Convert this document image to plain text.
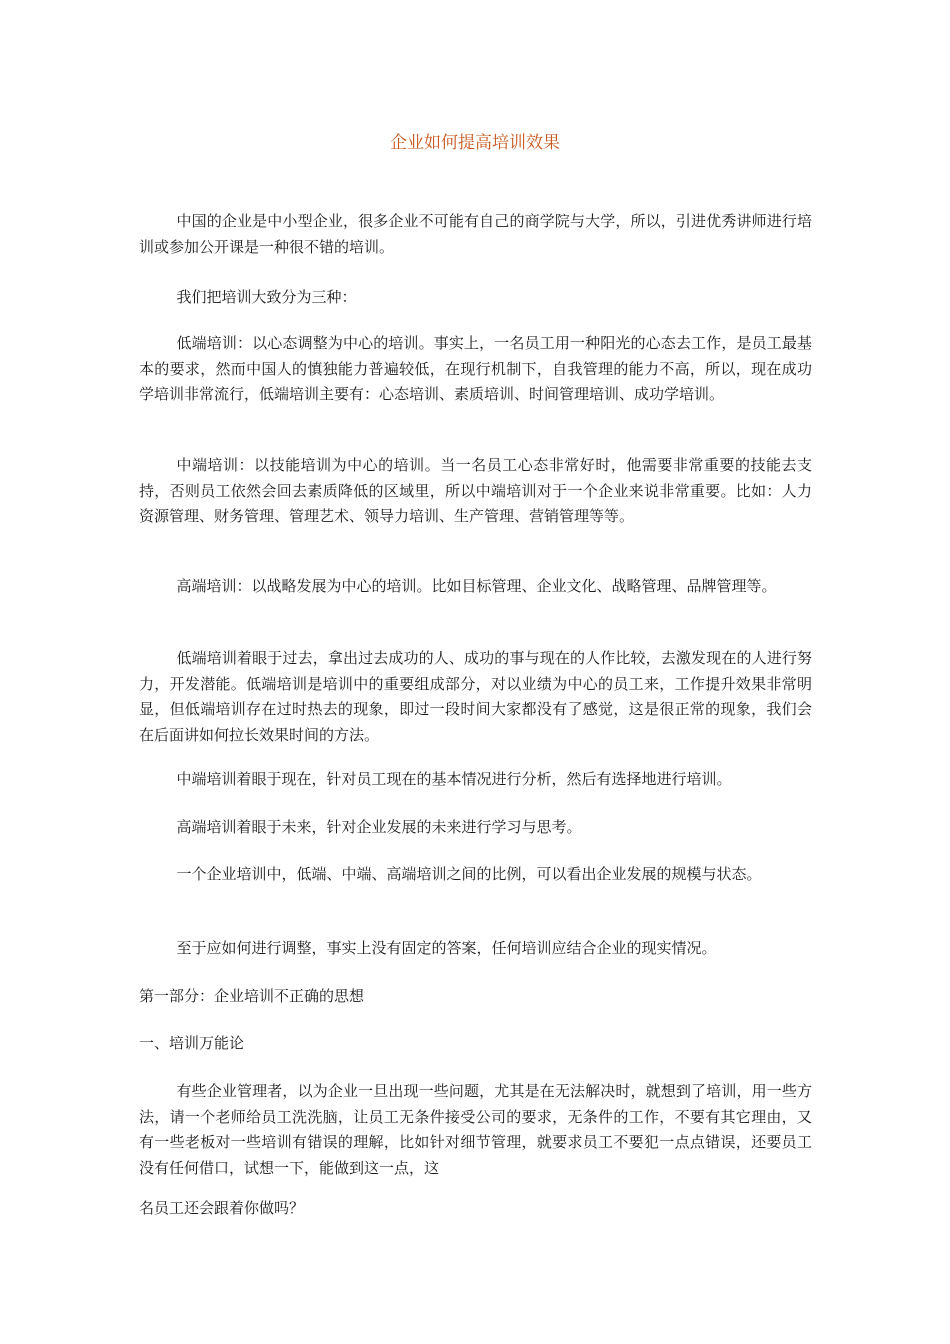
企业如何提高培训效果

中国的企业是中小型企业，很多企业不可能有自己的商学院与大学，所以，引进优秀讲师进行培训或参加公开课是一种很不错的培训。

我们把培训大致分为三种：

低端培训：以心态调整为中心的培训。事实上，一名员工用一种阳光的心态去工作，是员工最基本的要求，然而中国人的慎独能力普遍较低，在现行机制下，自我管理的能力不高，所以，现在成功学培训非常流行，低端培训主要有：心态培训、素质培训、时间管理培训、成功学培训。

中端培训：以技能培训为中心的培训。当一名员工心态非常好时，他需要非常重要的技能去支持，否则员工依然会回去素质降低的区域里，所以中端培训对于一个企业来说非常重要。比如：人力资源管理、财务管理、管理艺术、领导力培训、生产管理、营销管理等等。

高端培训：以战略发展为中心的培训。比如目标管理、企业文化、战略管理、品牌管理等。

低端培训着眼于过去，拿出过去成功的人、成功的事与现在的人作比较，去激发现在的人进行努力，开发潜能。低端培训是培训中的重要组成部分，对以业绩为中心的员工来，工作提升效果非常明显，但低端培训存在过时热去的现象，即过一段时间大家都没有了感觉，这是很正常的现象，我们会在后面讲如何拉长效果时间的方法。

中端培训着眼于现在，针对员工现在的基本情况进行分析，然后有选择地进行培训。

高端培训着眼于未来，针对企业发展的未来进行学习与思考。

一个企业培训中，低端、中端、高端培训之间的比例，可以看出企业发展的规模与状态。

至于应如何进行调整，事实上没有固定的答案，任何培训应结合企业的现实情况。

第一部分：企业培训不正确的思想

一、培训万能论

有些企业管理者，以为企业一旦出现一些问题，尤其是在无法解决时，就想到了培训，用一些方法，请一个老师给员工洗洗脑，让员工无条件接受公司的要求，无条件的工作，不要有其它理由，又有一些老板对一些培训有错误的理解，比如针对细节管理，就要求员工不要犯一点点错误，还要员工没有任何借口，试想一下，能做到这一点，这

名员工还会跟着你做吗？
